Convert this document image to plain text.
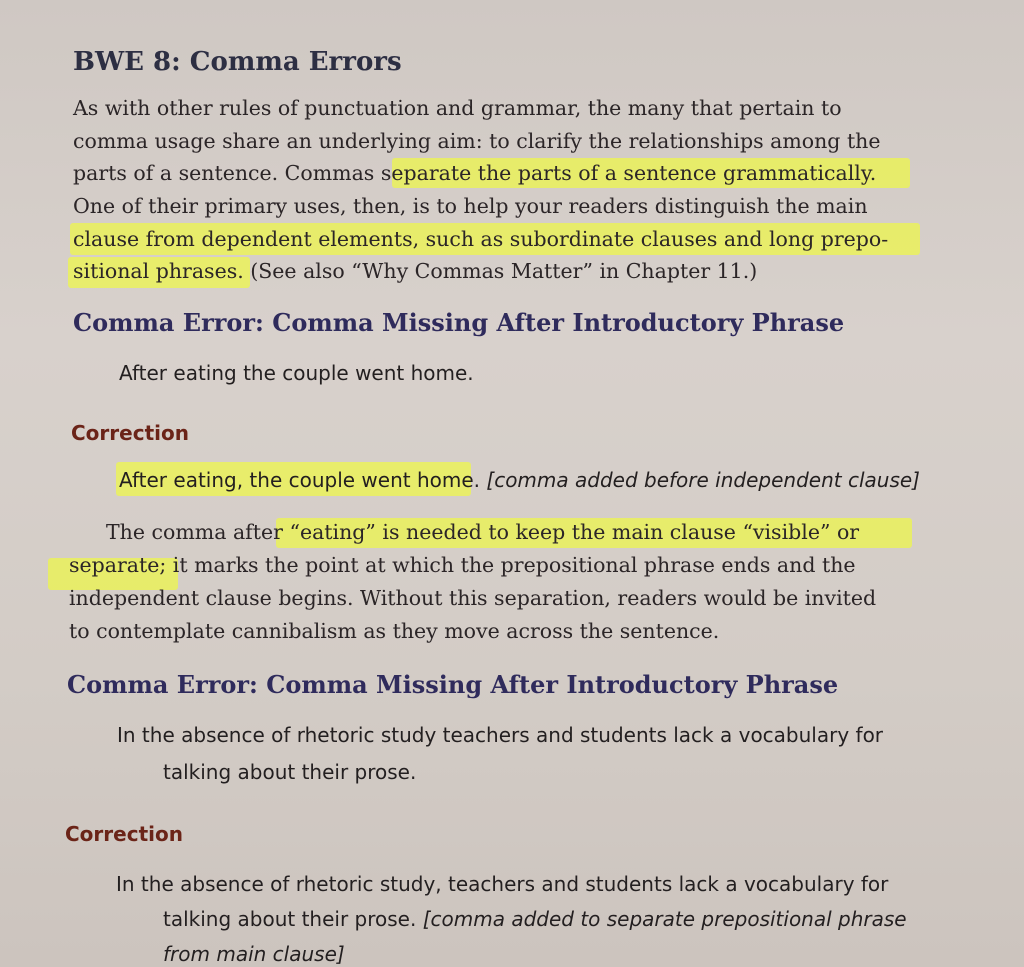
BWE 8: Comma Errors
As with other rules of punctuation and grammar, the many that pertain to
comma usage share an underlying aim: to clarify the relationships among the
parts of a sentence. Commas separate the parts of a sentence grammatically.
One of their primary uses, then, is to help your readers distinguish the main
clause from dependent elements, such as subordinate clauses and long prepo-
sitional phrases. (See also “Why Commas Matter” in Chapter 11.)
Comma Error: Comma Missing After Introductory Phrase
After eating the couple went home.
Correction
After eating, the couple went home. [comma added before independent clause]
The comma after “eating” is needed to keep the main clause “visible” or
separate; it marks the point at which the prepositional phrase ends and the
independent clause begins. Without this separation, readers would be invited
to contemplate cannibalism as they move across the sentence.
Comma Error: Comma Missing After Introductory Phrase
In the absence of rhetoric study teachers and students lack a vocabulary for
talking about their prose.
Correction
In the absence of rhetoric study, teachers and students lack a vocabulary for
talking about their prose. [comma added to separate prepositional phrase
from main clause]
